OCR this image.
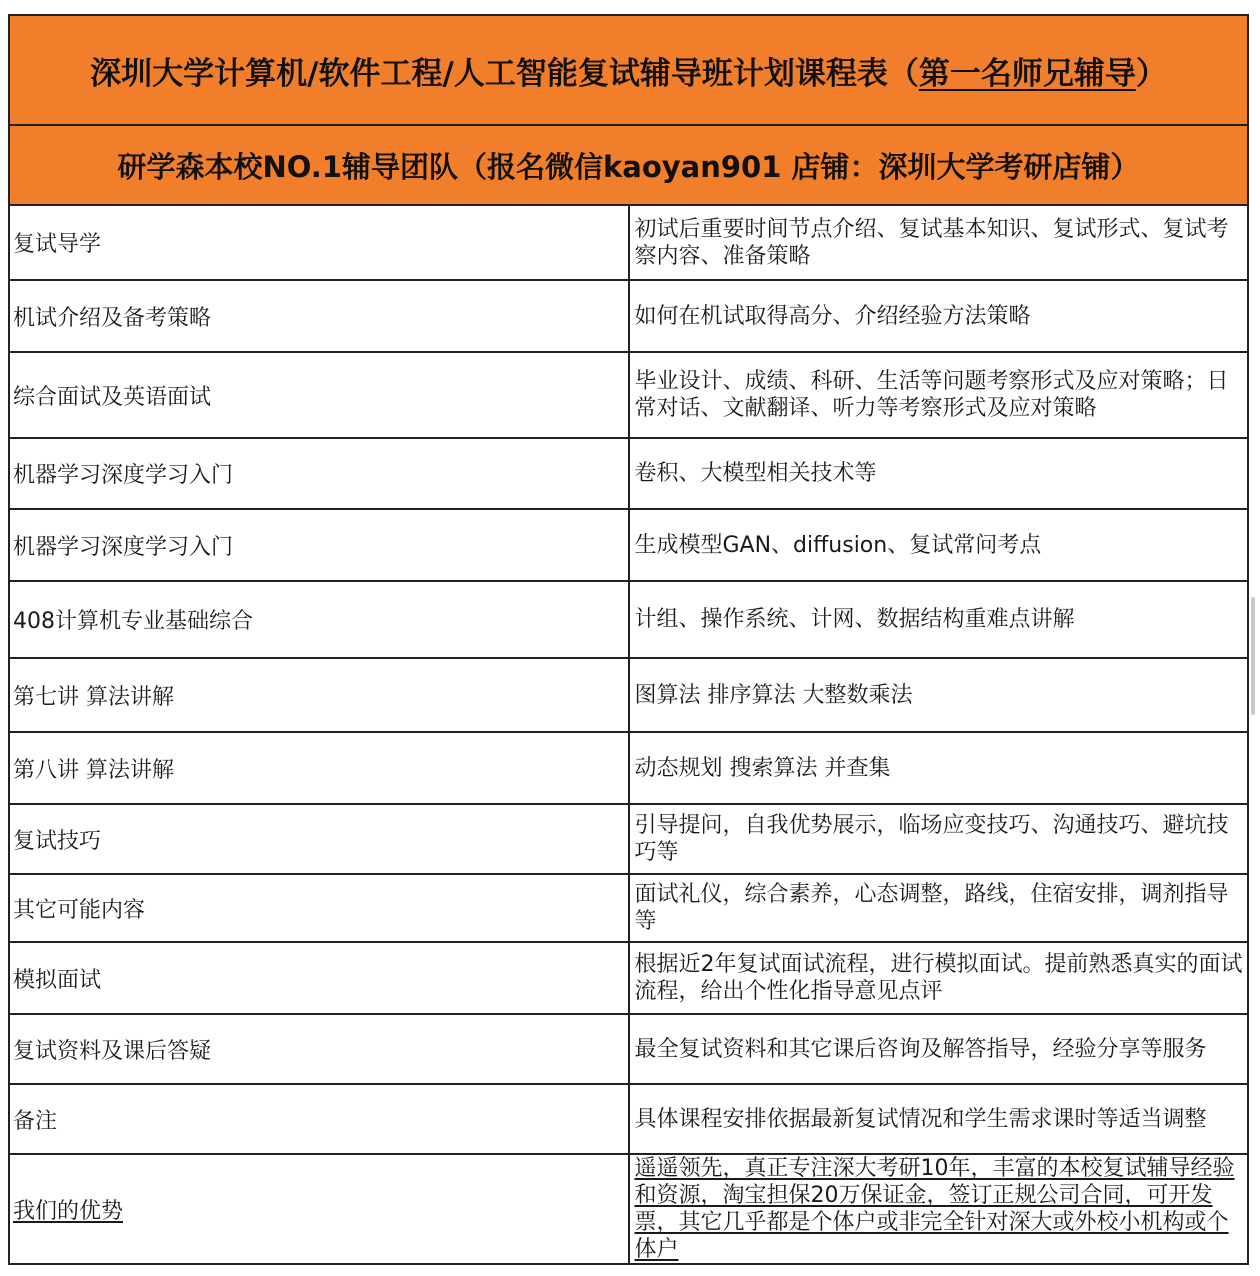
深圳大学计算机/软件工程/人工智能复试辅导班计划课程表（第一名师兄辅导）	
研学森本校NO.1辅导团队（报名微信kaoyan901 店铺：深圳大学考研店铺）	
复试导学	初试后重要时间节点介绍、复试基本知识、复试形式、复试考察内容、准备策略
机试介绍及备考策略	如何在机试取得高分、介绍经验方法策略
综合面试及英语面试	毕业设计、成绩、科研、生活等问题考察形式及应对策略；日常对话、文献翻译、听力等考察形式及应对策略
机器学习深度学习入门	卷积、大模型相关技术等
机器学习深度学习入门	生成模型GAN、diffusion、复试常问考点
408计算机专业基础综合	计组、操作系统、计网、数据结构重难点讲解
第七讲 算法讲解	图算法 排序算法 大整数乘法
第八讲 算法讲解	动态规划 搜索算法 并查集
复试技巧	引导提问，自我优势展示，临场应变技巧、沟通技巧、避坑技巧等
其它可能内容	面试礼仪，综合素养，心态调整，路线，住宿安排，调剂指导等
模拟面试	根据近2年复试面试流程，进行模拟面试。提前熟悉真实的面试流程，给出个性化指导意见点评
复试资料及课后答疑	最全复试资料和其它课后咨询及解答指导，经验分享等服务
备注	具体课程安排依据最新复试情况和学生需求课时等适当调整
我们的优势	遥遥领先，真正专注深大考研10年，丰富的本校复试辅导经验和资源，淘宝担保20万保证金，签订正规公司合同，可开发票，其它几乎都是个体户或非完全针对深大或外校小机构或个体户
